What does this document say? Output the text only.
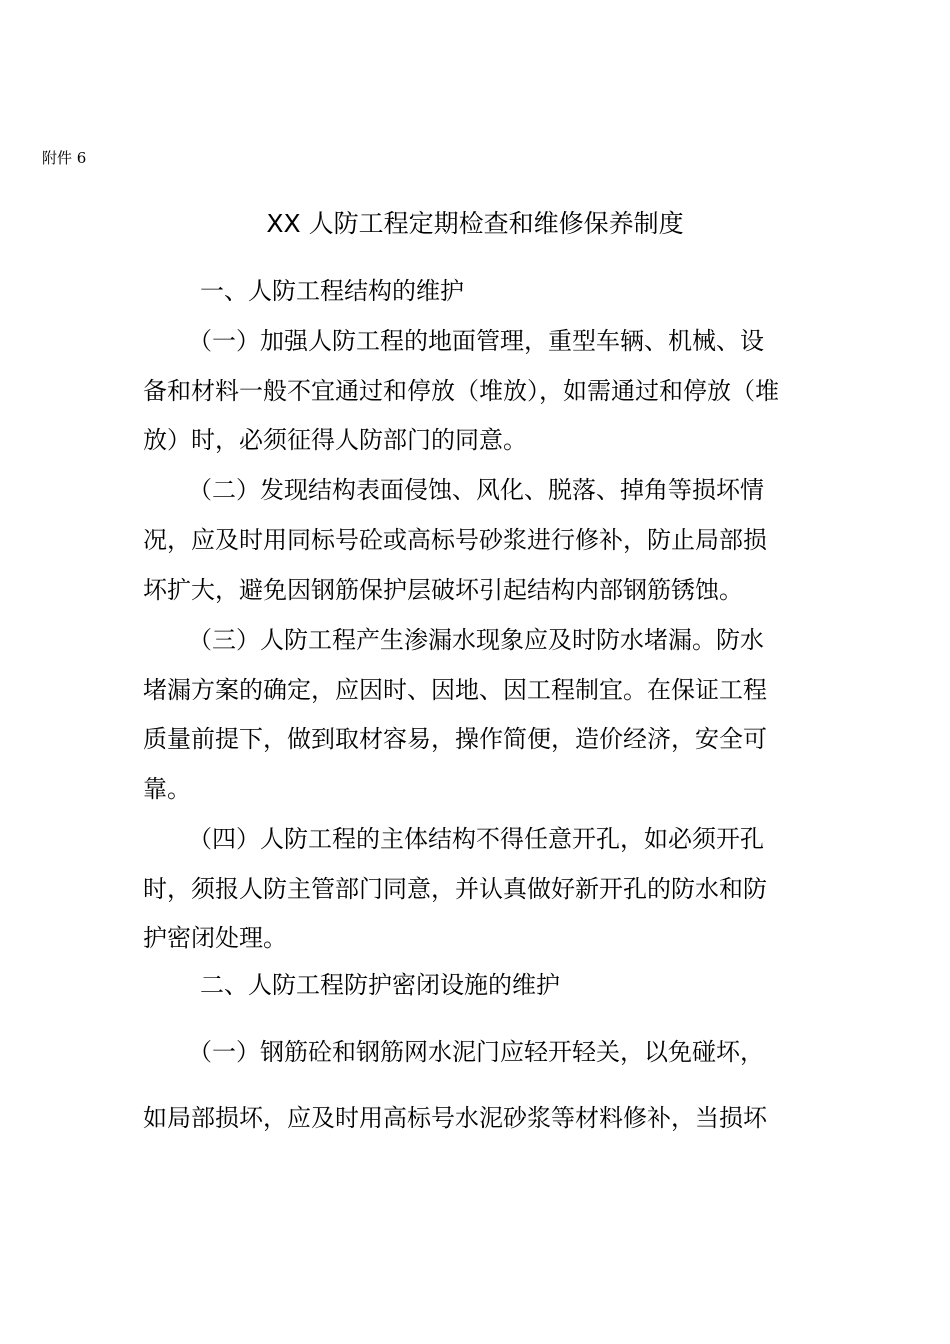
附件 6
XX 人防工程定期检查和维修保养制度
一、人防工程结构的维护
（一）加强人防工程的地面管理，重型车辆、机械、设
备和材料一般不宜通过和停放（堆放），如需通过和停放（堆
放）时，必须征得人防部门的同意。
（二）发现结构表面侵蚀、风化、脱落、掉角等损坏情
况，应及时用同标号砼或高标号砂浆进行修补，防止局部损
坏扩大，避免因钢筋保护层破坏引起结构内部钢筋锈蚀。
（三）人防工程产生渗漏水现象应及时防水堵漏。防水
堵漏方案的确定，应因时、因地、因工程制宜。在保证工程
质量前提下，做到取材容易，操作简便，造价经济，安全可
靠。
（四）人防工程的主体结构不得任意开孔，如必须开孔
时，须报人防主管部门同意，并认真做好新开孔的防水和防
护密闭处理。
二、人防工程防护密闭设施的维护
（一）钢筋砼和钢筋网水泥门应轻开轻关，以免碰坏，
如局部损坏，应及时用高标号水泥砂浆等材料修补，当损坏
